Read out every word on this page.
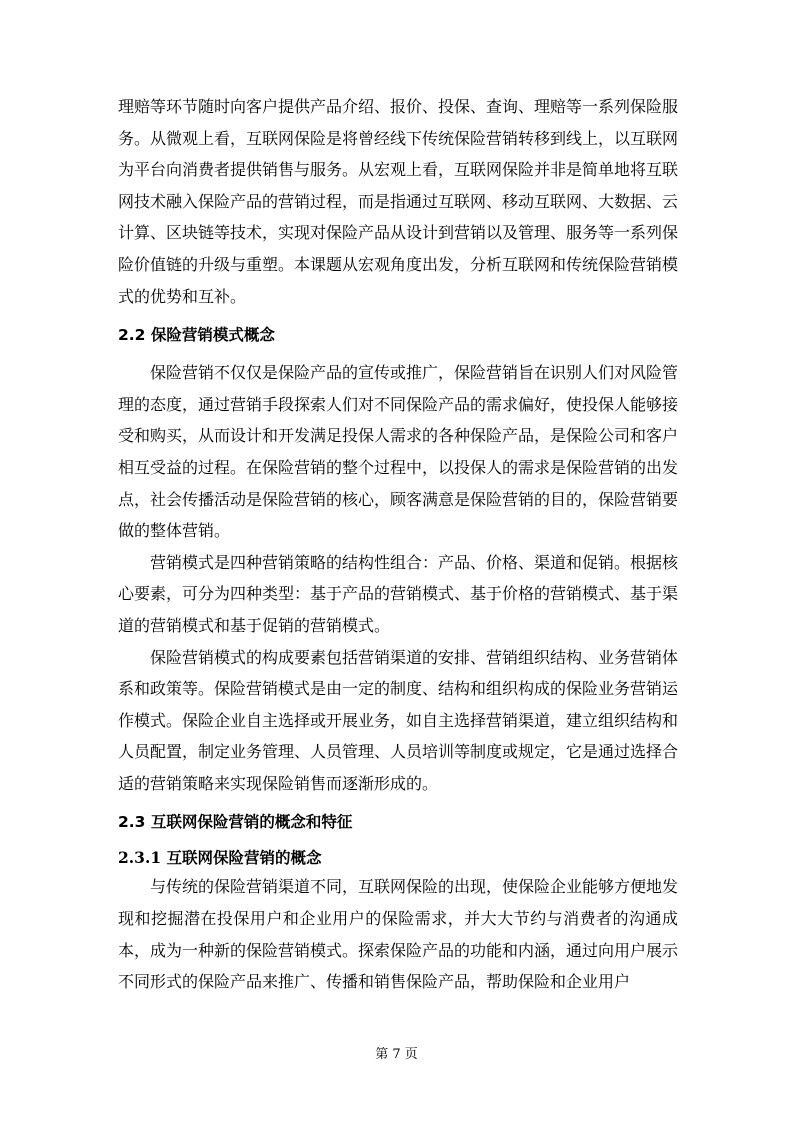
理赔等环节随时向客户提供产品介绍、报价、投保、查询、理赔等一系列保险服务。从微观上看，互联网保险是将曾经线下传统保险营销转移到线上，以互联网为平台向消费者提供销售与服务。从宏观上看，互联网保险并非是简单地将互联网技术融入保险产品的营销过程，而是指通过互联网、移动互联网、大数据、云计算、区块链等技术，实现对保险产品从设计到营销以及管理、服务等一系列保险价值链的升级与重塑。本课题从宏观角度出发，分析互联网和传统保险营销模式的优势和互补。

2.2 保险营销模式概念

保险营销不仅仅是保险产品的宣传或推广，保险营销旨在识别人们对风险管理的态度，通过营销手段探索人们对不同保险产品的需求偏好，使投保人能够接受和购买，从而设计和开发满足投保人需求的各种保险产品，是保险公司和客户相互受益的过程。在保险营销的整个过程中，以投保人的需求是保险营销的出发点，社会传播活动是保险营销的核心，顾客满意是保险营销的目的，保险营销要做的整体营销。

营销模式是四种营销策略的结构性组合：产品、价格、渠道和促销。根据核心要素，可分为四种类型：基于产品的营销模式、基于价格的营销模式、基于渠道的营销模式和基于促销的营销模式。

保险营销模式的构成要素包括营销渠道的安排、营销组织结构、业务营销体系和政策等。保险营销模式是由一定的制度、结构和组织构成的保险业务营销运作模式。保险企业自主选择或开展业务，如自主选择营销渠道，建立组织结构和人员配置，制定业务管理、人员管理、人员培训等制度或规定，它是通过选择合适的营销策略来实现保险销售而逐渐形成的。

2.3 互联网保险营销的概念和特征
2.3.1 互联网保险营销的概念

与传统的保险营销渠道不同，互联网保险的出现，使保险企业能够方便地发现和挖掘潜在投保用户和企业用户的保险需求，并大大节约与消费者的沟通成本，成为一种新的保险营销模式。探索保险产品的功能和内涵，通过向用户展示不同形式的保险产品来推广、传播和销售保险产品，帮助保险和企业用户

第 7 页
